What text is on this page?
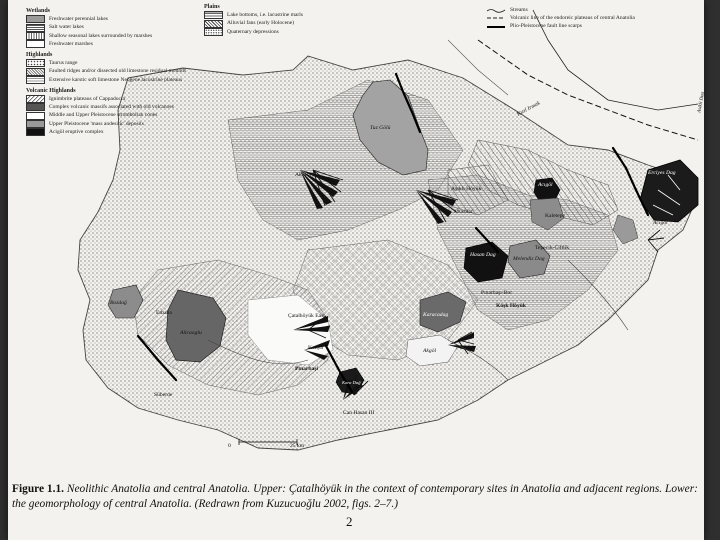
Wetlands
Freshwater perennial lakes
Salt water lakes
Shallow seasonal lakes surrounded by marshes
Freshwater marshes
Highlands
Taurus range
Faulted ridges and/or dissected old limestone residual mounds
Extensive karstic soft limestone Neogene lacustrine plateaus
Volcanic Highlands
Ignimbrite plateaus of Cappadocia
Complex volcanic massifs associated with old volcanoes
Middle and Upper Pleistocene strombolian cones
Upper Pleistocene 'mass andesitic' deposits
Acigöl eruptive complex
Plains
Lake bottoms, i.e. lacustrine marls
Alluvial fans (early Holocene)
Quaternary depressions
Streams
Volcanic line of the endoreic plateaus of central Anatolia
Plio-Pleistocene fault line scarps
Kızıl Irmak	Asikli Dag
Tuz Gölü
Aksaray	Erciyes Dag
Acıgöl
Aşıklı Höyük
Musular
Kaletepe
Acıgöl
Hasan Dag
Melendiz Dag
Tepecik-Ciftlik
Pınarbaşı-Bor
Köşk Höyük
Karacadag
Akgöl
Çatalhöyük East
Konya
Pinarbaşi
Kara Dağ
Can Hasan III
Bozdağ
Erbaba
Alicaoglu
Süberde
0	25 km
Figure 1.1. Neolithic Anatolia and central Anatolia. Upper: Çatalhöyük in the context of contemporary sites in Anatolia and adjacent regions. Lower: the geomorphology of central Anatolia. (Redrawn from Kuzucuoğlu 2002, figs. 2–7.)
2
